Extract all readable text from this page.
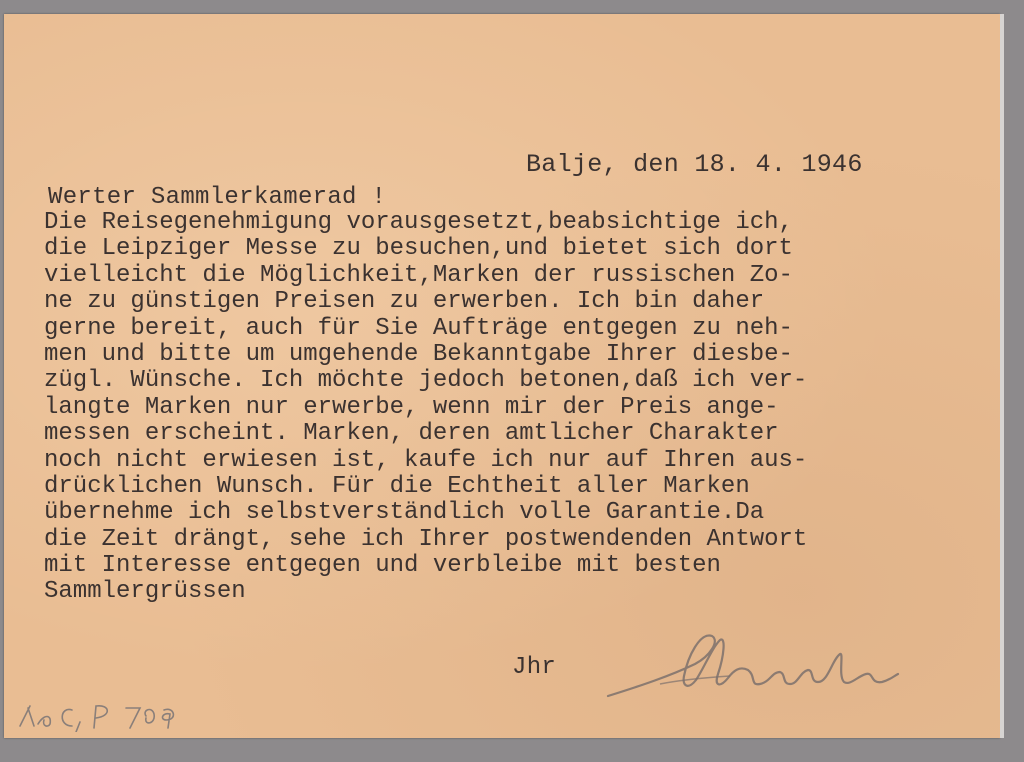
Balje, den 18. 4. 1946
Werter Sammlerkamerad !
Die Reisegenehmigung vorausgesetzt,beabsichtige ich,
die Leipziger Messe zu besuchen,und bietet sich dort
vielleicht die Möglichkeit,Marken der russischen Zo-
ne zu günstigen Preisen zu erwerben. Ich bin daher
gerne bereit, auch für Sie Aufträge entgegen zu neh-
men und bitte um umgehende Bekanntgabe Ihrer diesbe-
zügl. Wünsche. Ich möchte jedoch betonen,daß ich ver-
langte Marken nur erwerbe, wenn mir der Preis ange-
messen erscheint. Marken, deren amtlicher Charakter
noch nicht erwiesen ist, kaufe ich nur auf Ihren aus-
drücklichen Wunsch. Für die Echtheit aller Marken
übernehme ich selbstverständlich volle Garantie.Da
die Zeit drängt, sehe ich Ihrer postwendenden Antwort
mit Interesse entgegen und verbleibe mit besten
Sammlergrüssen
Jhr
